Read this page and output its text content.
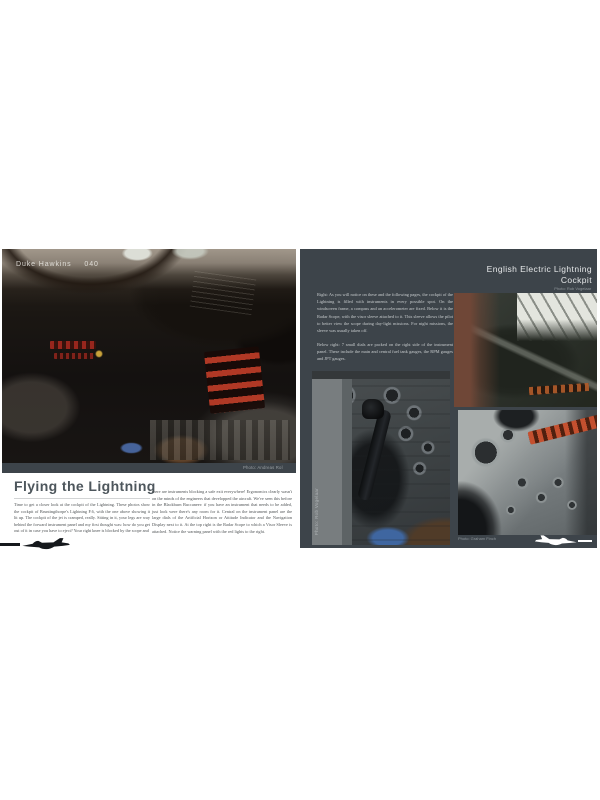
Duke Hawkins 040
Photo: Andreas Rol
Flying the Lightning

Time to get a closer look at the cockpit of the Lightning. These photos show the cockpit of Bruntingthorpe's Lightning F.6, with the one above showing it lit up. The cockpit of the jet is cramped, really. Sitting in it, your legs are way behind the forward instrument panel and my first thought was: how do you get out of it in case you have to eject? Your right knee is blocked by the scope and

there are instruments blocking a safe exit everywhere! Ergonomics clearly wasn't on the minds of the engineers that developped the aircraft. We've seen this before in the Blackburn Buccaneer: if you have an instrument that needs to be added, just look were there's any room for it. Central on the instrument panel are the large dials of the Artificial Horizon or Attitude Indicator and the Navigation Display next to it. At the top right is the Radar Scope to which a Visor Sleeve is attached. Notice the warning panel with the red lights to the right.

English Electric Lightning
Cockpit
Photo: Rob Vogelaar

Right: As you will notice on these and the following pages, the cockpit of the Lightning is filled with instruments in every possible spot. On the windscreen frame, a compass and an accelerometer are fixed. Below it is the Radar Scope, with the visor sleeve attached to it. This sleeve allows the pilot to better view the scope during day-light missions. For night missions, the sleeve was usually taken off.

Below right: 7 small dials are packed on the right side of the instrument panel. These include the main and central fuel tank gauges, the RPM gauges and JPT gauges.

Photo: Rob Vogelaar
Photo: Graham Finch
